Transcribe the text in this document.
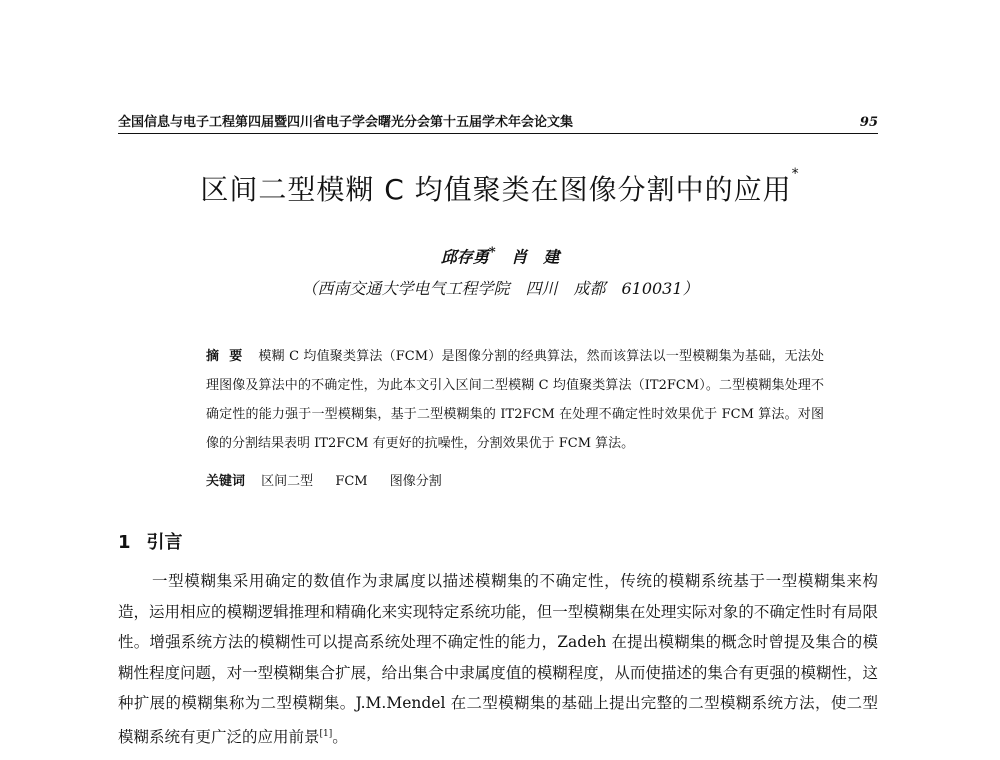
全国信息与电子工程第四届暨四川省电子学会曙光分会第十五届学术年会论文集	95
区间二型模糊 C 均值聚类在图像分割中的应用*
邱存勇* 肖　建
（西南交通大学电气工程学院　四川　成都　610031）
摘要 模糊 C 均值聚类算法（FCM）是图像分割的经典算法，然而该算法以一型模糊集为基础，无法处理图像及算法中的不确定性，为此本文引入区间二型模糊 C 均值聚类算法（IT2FCM）。二型模糊集处理不确定性的能力强于一型模糊集，基于二型模糊集的 IT2FCM 在处理不确定性时效果优于 FCM 算法。对图像的分割结果表明 IT2FCM 有更好的抗噪性，分割效果优于 FCM 算法。
关键词 区间二型 FCM 图像分割
1 引言
一型模糊集采用确定的数值作为隶属度以描述模糊集的不确定性，传统的模糊系统基于一型模糊集来构造，运用相应的模糊逻辑推理和精确化来实现特定系统功能，但一型模糊集在处理实际对象的不确定性时有局限性。增强系统方法的模糊性可以提高系统处理不确定性的能力，Zadeh 在提出模糊集的概念时曾提及集合的模糊性程度问题，对一型模糊集合扩展，给出集合中隶属度值的模糊程度，从而使描述的集合有更强的模糊性，这种扩展的模糊集称为二型模糊集。J.M.Mendel 在二型模糊集的基础上提出完整的二型模糊系统方法，使二型模糊系统有更广泛的应用前景[1]。
